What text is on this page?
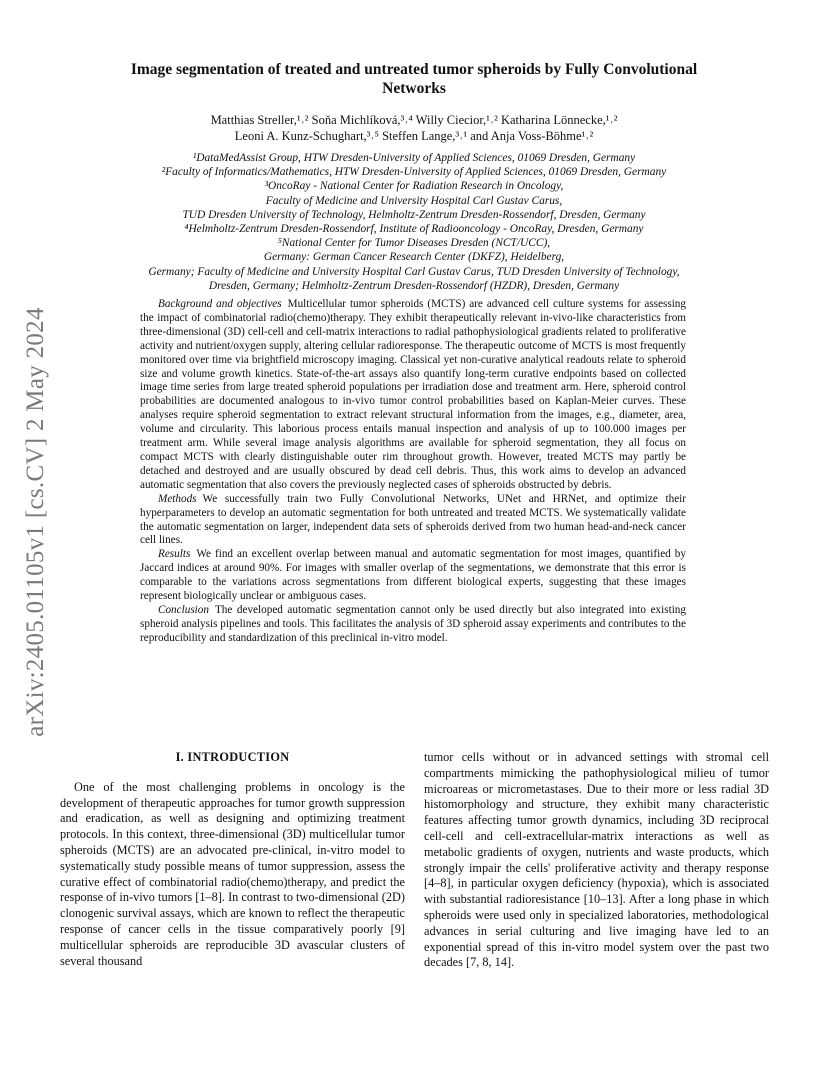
arXiv:2405.01105v1 [cs.CV] 2 May 2024
Image segmentation of treated and untreated tumor spheroids by Fully Convolutional
Networks
Matthias Streller,¹˒² Soňa Michlíková,³˒⁴ Willy Ciecior,¹˒² Katharina Lönnecke,¹˒²
Leoni A. Kunz-Schughart,³˒⁵ Steffen Lange,³˒¹ and Anja Voss-Böhme¹˒²
¹DataMedAssist Group, HTW Dresden-University of Applied Sciences, 01069 Dresden, Germany
²Faculty of Informatics/Mathematics, HTW Dresden-University of Applied Sciences, 01069 Dresden, Germany
³OncoRay - National Center for Radiation Research in Oncology,
Faculty of Medicine and University Hospital Carl Gustav Carus,
TUD Dresden University of Technology, Helmholtz-Zentrum Dresden-Rossendorf, Dresden, Germany
⁴Helmholtz-Zentrum Dresden-Rossendorf, Institute of Radiooncology - OncoRay, Dresden, Germany
⁵National Center for Tumor Diseases Dresden (NCT/UCC),
Germany: German Cancer Research Center (DKFZ), Heidelberg,
Germany; Faculty of Medicine and University Hospital Carl Gustav Carus, TUD Dresden University of Technology,
Dresden, Germany; Helmholtz-Zentrum Dresden-Rossendorf (HZDR), Dresden, Germany

Background and objectives Multicellular tumor spheroids (MCTS) are advanced cell culture systems for assessing the impact of combinatorial radio(chemo)therapy. They exhibit therapeutically relevant in-vivo-like characteristics from three-dimensional (3D) cell-cell and cell-matrix interactions to radial pathophysiological gradients related to proliferative activity and nutrient/oxygen supply, altering cellular radioresponse. The therapeutic outcome of MCTS is most frequently monitored over time via brightfield microscopy imaging. Classical yet non-curative analytical readouts relate to spheroid size and volume growth kinetics. State-of-the-art assays also quantify long-term curative endpoints based on collected image time series from large treated spheroid populations per irradiation dose and treatment arm. Here, spheroid control probabilities are documented analogous to in-vivo tumor control probabilities based on Kaplan-Meier curves. These analyses require spheroid segmentation to extract relevant structural information from the images, e.g., diameter, area, volume and circularity. This laborious process entails manual inspection and analysis of up to 100.000 images per treatment arm. While several image analysis algorithms are available for spheroid segmentation, they all focus on compact MCTS with clearly distinguishable outer rim throughout growth. However, treated MCTS may partly be detached and destroyed and are usually obscured by dead cell debris. Thus, this work aims to develop an advanced automatic segmentation that also covers the previously neglected cases of spheroids obstructed by debris.

Methods We successfully train two Fully Convolutional Networks, UNet and HRNet, and optimize their hyperparameters to develop an automatic segmentation for both untreated and treated MCTS. We systematically validate the automatic segmentation on larger, independent data sets of spheroids derived from two human head-and-neck cancer cell lines.

Results We find an excellent overlap between manual and automatic segmentation for most images, quantified by Jaccard indices at around 90%. For images with smaller overlap of the segmentations, we demonstrate that this error is comparable to the variations across segmentations from different biological experts, suggesting that these images represent biologically unclear or ambiguous cases.

Conclusion The developed automatic segmentation cannot only be used directly but also integrated into existing spheroid analysis pipelines and tools. This facilitates the analysis of 3D spheroid assay experiments and contributes to the reproducibility and standardization of this preclinical in-vitro model.

I. INTRODUCTION

One of the most challenging problems in oncology is the development of therapeutic approaches for tumor growth suppression and eradication, as well as designing and optimizing treatment protocols. In this context, three-dimensional (3D) multicellular tumor spheroids (MCTS) are an advocated pre-clinical, in-vitro model to systematically study possible means of tumor suppression, assess the curative effect of combinatorial radio(chemo)therapy, and predict the response of in-vivo tumors [1–8]. In contrast to two-dimensional (2D) clonogenic survival assays, which are known to reflect the therapeutic response of cancer cells in the tissue comparatively poorly [9] multicellular spheroids are reproducible 3D avascular clusters of several thousand

tumor cells without or in advanced settings with stromal cell compartments mimicking the pathophysiological milieu of tumor microareas or micrometastases. Due to their more or less radial 3D histomorphology and structure, they exhibit many characteristic features affecting tumor growth dynamics, including 3D reciprocal cell-cell and cell-extracellular-matrix interactions as well as metabolic gradients of oxygen, nutrients and waste products, which strongly impair the cells' proliferative activity and therapy response [4–8], in particular oxygen deficiency (hypoxia), which is associated with substantial radioresistance [10–13]. After a long phase in which spheroids were used only in specialized laboratories, methodological advances in serial culturing and live imaging have led to an exponential spread of this in-vitro model system over the past two decades [7, 8, 14].
